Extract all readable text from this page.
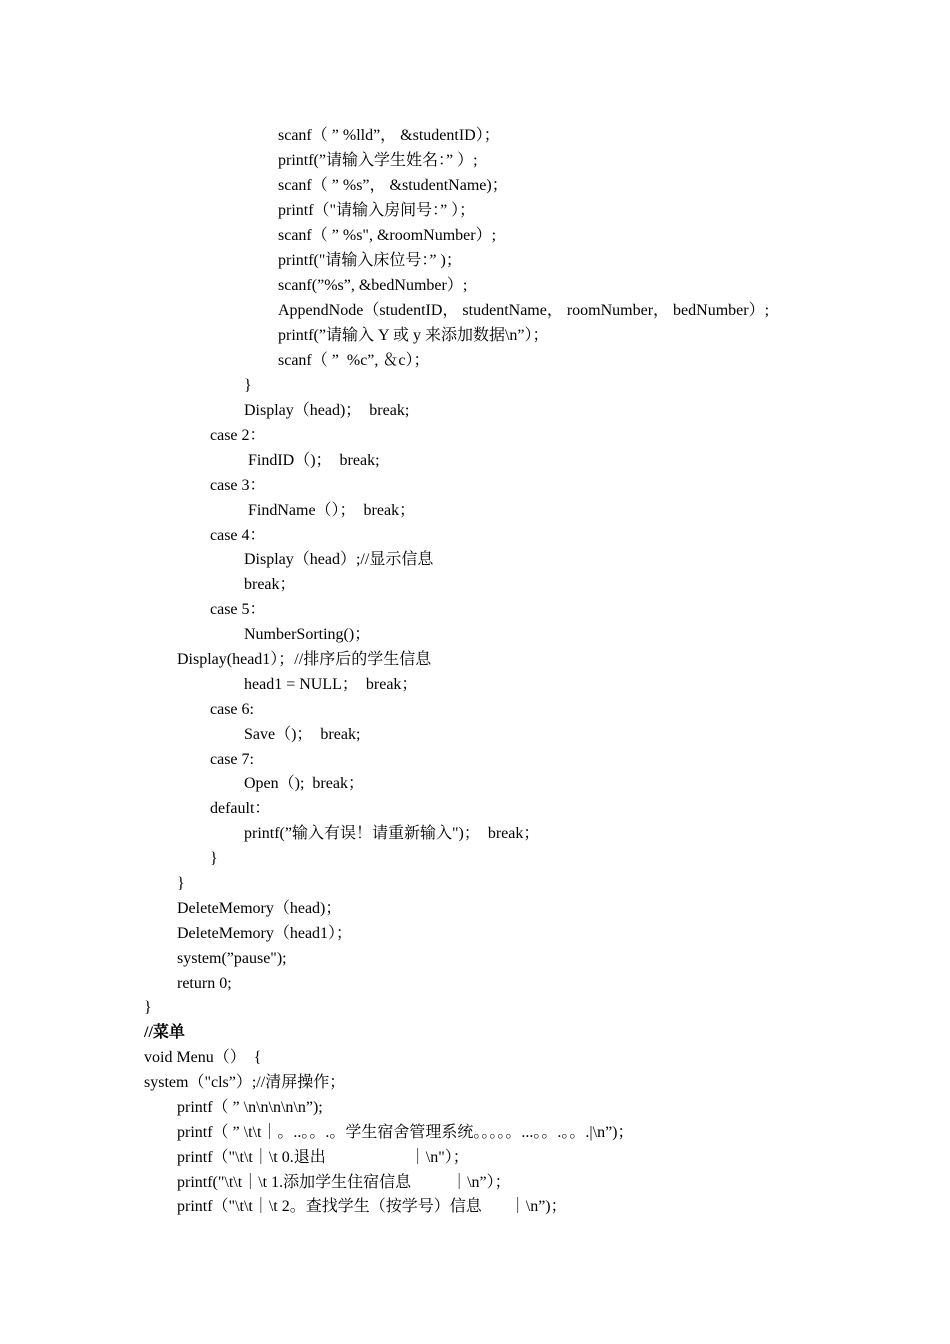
scanf（ ” %lld”， &studentID）；
printf(”请输入学生姓名：” ）;
scanf（ ” %s”， &studentName)；
printf（"请输入房间号：” ）；
scanf（ ” %s", &roomNumber）;
printf("请输入床位号：” )；
scanf(”%s”, &bedNumber）;
AppendNode（studentID， studentName， roomNumber， bedNumber）;
printf(”请输入 Y 或 y 来添加数据\n”）；
scanf（ ”  %c”, ＆c）；
}
Display（head)；  break;
case 2：
FindID（)；  break;
case 3：
FindName（）；  break；
case 4：
Display（head）;//显示信息
break；
case 5：
NumberSorting()；
Display(head1）；//排序后的学生信息
head1 = NULL；  break；
case 6:
Save（)；  break;
case 7:
Open（);  break；
default：
printf(”输入有误！请重新输入")；  break；
}
}
DeleteMemory（head)；
DeleteMemory（head1）；
system(”pause");
return 0;
}
//菜单
void Menu（）  {
system（"cls”）;//清屏操作；
printf（ ” \n\n\n\n\n”);
printf（ ” \t\t｜。..。。.。学生宿舍管理系统。。。。。...。。.。。.|\n”)；
printf（"\t\t｜\t 0.退出                     ｜\n"）；
printf("\t\t｜\t 1.添加学生住宿信息          ｜\n”）；
printf（"\t\t｜\t 2。查找学生（按学号）信息       ｜\n”)；
